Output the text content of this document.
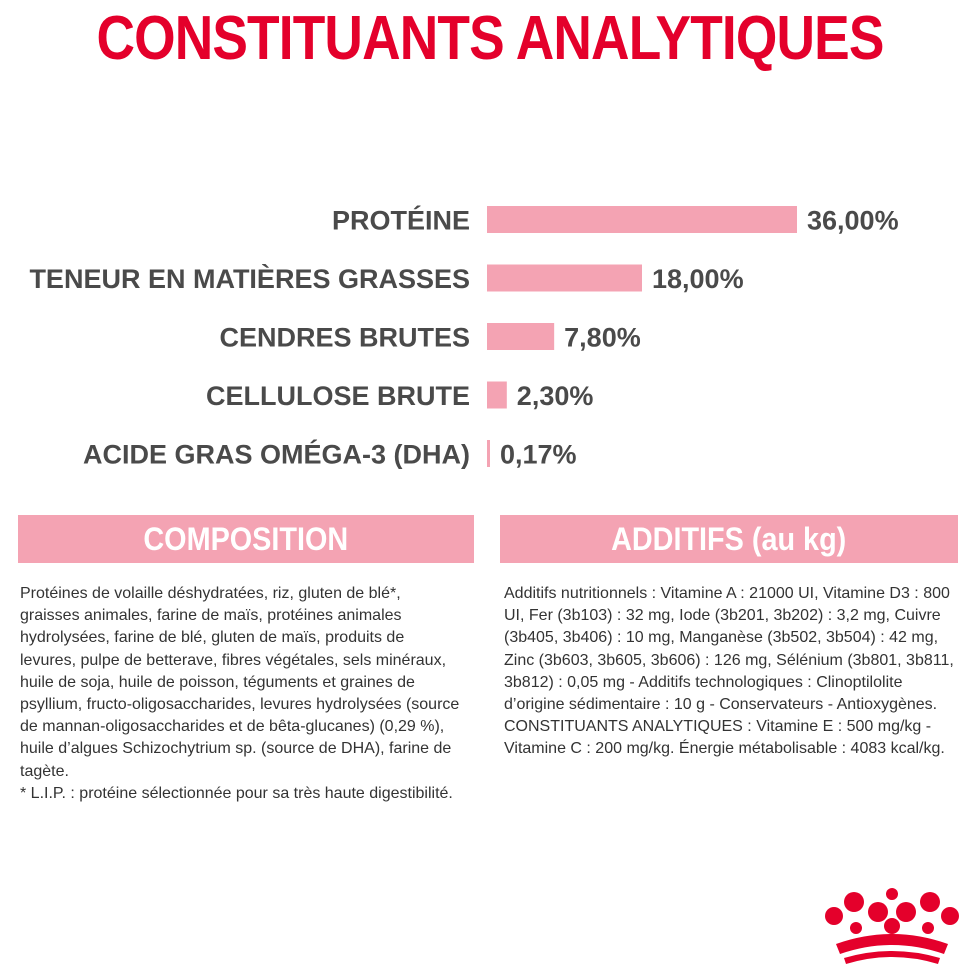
CONSTITUANTS ANALYTIQUES
PROTÉINE	36,00%
TENEUR EN MATIÈRES GRASSES	18,00%
CENDRES BRUTES	7,80%
CELLULOSE BRUTE 2,30%
ACIDE GRAS OMÉGA-3 (DHA) 0,17%
COMPOSITION	ADDITIFS (au kg)

Protéines de volaille déshydratées, riz, gluten de blé*, graisses animales, farine de maïs, protéines animales hydrolysées, farine de blé, gluten de maïs, produits de levures, pulpe de betterave, fibres végétales, sels minéraux, huile de soja, huile de poisson, téguments et graines de psyllium, fructo-oligosaccharides, levures hydrolysées (source de mannan-oligosaccharides et de bêta-glucanes) (0,29 %), huile d’algues Schizochytrium sp. (source de DHA), farine de tagète.

* L.I.P. : protéine sélectionnée pour sa très haute digestibilité.

Additifs nutritionnels : Vitamine A : 21000 UI, Vitamine D3 : 800 UI, Fer (3b103) : 32 mg, Iode (3b201, 3b202) : 3,2 mg, Cuivre (3b405, 3b406) : 10 mg, Manganèse (3b502, 3b504) : 42 mg, Zinc (3b603, 3b605, 3b606) : 126 mg, Sélénium (3b801, 3b811, 3b812) : 0,05 mg - Additifs technologiques : Clinoptilolite d’origine sédimentaire : 10 g - Conservateurs - Antioxygènes. CONSTITUANTS ANALYTIQUES : Vitamine E : 500 mg/kg - Vitamine C : 200 mg/kg. Énergie métabolisable : 4083 kcal/kg.
